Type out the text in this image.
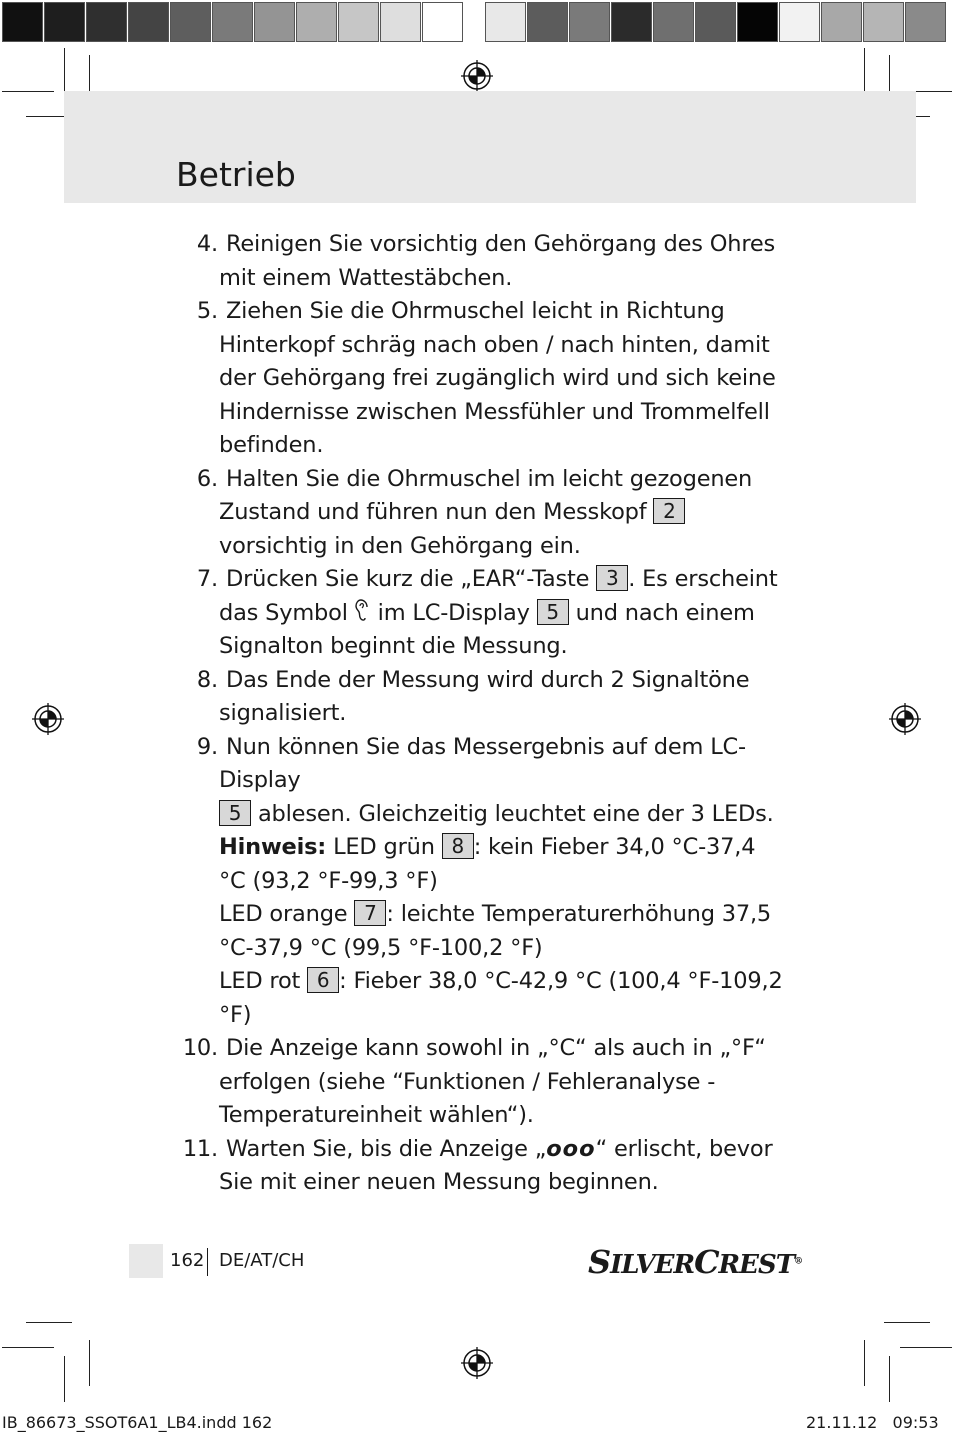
Betrieb
4. Reinigen Sie vorsichtig den Gehörgang des Ohres mit einem Wattestäbchen.
5. Ziehen Sie die Ohrmuschel leicht in Richtung Hinterkopf schräg nach oben / nach hinten, damit der Gehörgang frei zugänglich wird und sich keine Hindernisse zwischen Messfühler und Trommelfell befinden.
6. Halten Sie die Ohrmuschel im leicht gezogenen Zustand und führen nun den Messkopf 2 vorsichtig in den Gehörgang ein.
7. Drücken Sie kurz die „EAR“-Taste 3 . Es erscheint das Symbol im LC-Display 5 und nach einem Signalton beginnt die Messung.
8. Das Ende der Messung wird durch 2 Signaltöne signalisiert.
9. Nun können Sie das Messergebnis auf dem LC-Display
5 ablesen. Gleichzeitig leuchtet eine der 3 LEDs.
Hinweis: LED grün 8 : kein Fieber 34,0 °C-37,4 °C (93,2 °F-99,3 °F)
LED orange 7 : leichte Temperaturerhöhung 37,5 °C-37,9 °C (99,5 °F-100,2 °F)
LED rot 6 : Fieber 38,0 °C-42,9 °C (100,4 °F-109,2 °F)
10. Die Anzeige kann sowohl in „°C“ als auch in „°F“ erfolgen (siehe “Funktionen / Fehleranalyse - Temperatureinheit wählen“).
11. Warten Sie, bis die Anzeige „ooo“ erlischt, bevor Sie mit einer neuen Messung beginnen.
162 DE/AT/CH	SILVERCREST®
IB_86673_SSOT6A1_LB4.indd 162	21.11.12   09:53
